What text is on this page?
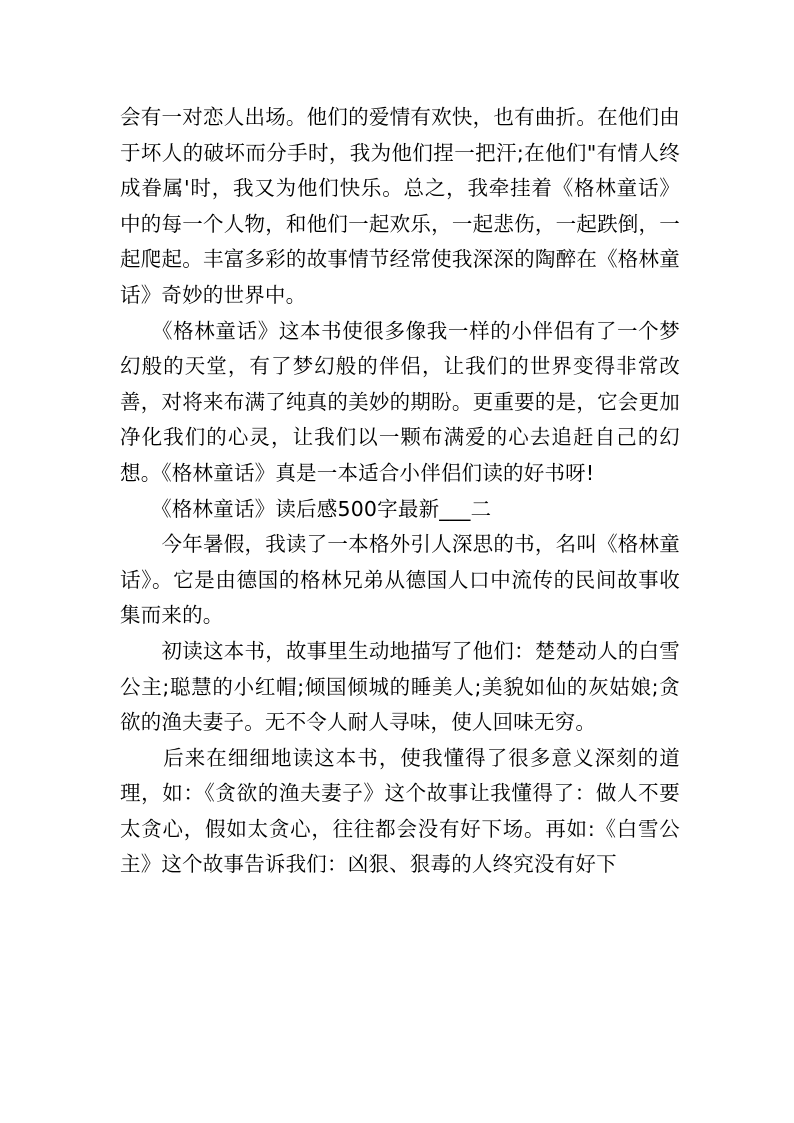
会有一对恋人出场。他们的爱情有欢快，也有曲折。在他们由于坏人的破坏而分手时，我为他们捏一把汗;在他们"有情人终成眷属'时，我又为他们快乐。总之，我牵挂着《格林童话》中的每一个人物，和他们一起欢乐，一起悲伤，一起跌倒，一起爬起。丰富多彩的故事情节经常使我深深的陶醉在《格林童话》奇妙的世界中。

　　《格林童话》这本书使很多像我一样的小伴侣有了一个梦幻般的天堂，有了梦幻般的伴侣，让我们的世界变得非常改善，对将来布满了纯真的美妙的期盼。更重要的是，它会更加净化我们的心灵，让我们以一颗布满爱的心去追赶自己的幻想。《格林童话》真是一本适合小伴侣们读的好书呀!

　　《格林童话》读后感500字最新___二

　　今年暑假，我读了一本格外引人深思的书，名叫《格林童话》。它是由德国的格林兄弟从德国人口中流传的民间故事收集而来的。

　　初读这本书，故事里生动地描写了他们：楚楚动人的白雪公主;聪慧的小红帽;倾国倾城的睡美人;美貌如仙的灰姑娘;贪欲的渔夫妻子。无不令人耐人寻味，使人回味无穷。

　　后来在细细地读这本书，使我懂得了很多意义深刻的道理，如：《贪欲的渔夫妻子》这个故事让我懂得了：做人不要太贪心，假如太贪心，往往都会没有好下场。再如:《白雪公主》这个故事告诉我们：凶狠、狠毒的人终究没有好下
